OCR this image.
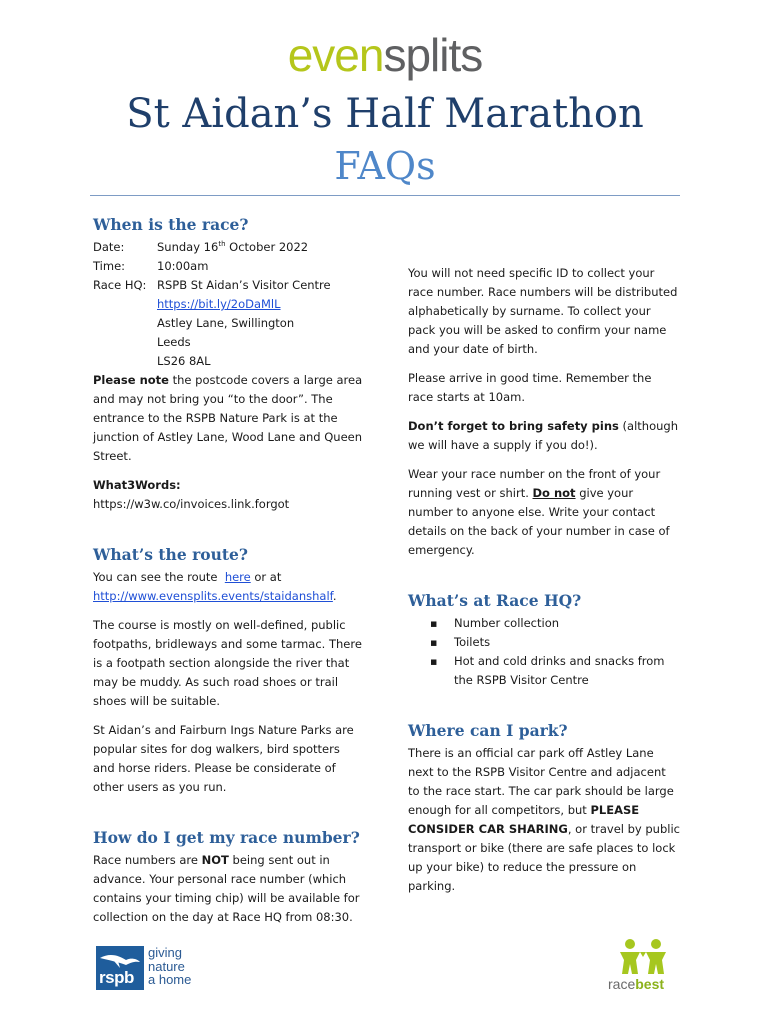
evensplits
St Aidan’s Half Marathon
FAQs
When is the race?
Date:	Sunday 16th October 2022
Time:	10:00am
Race HQ: RSPB St Aidan’s Visitor Centre
https://bit.ly/2oDaMlL
Astley Lane, Swillington
Leeds
LS26 8AL

Please note the postcode covers a large area and may not bring you “to the door”. The entrance to the RSPB Nature Park is at the junction of Astley Lane, Wood Lane and Queen Street.

What3Words:
https://w3w.co/invoices.link.forgot

What’s the route?

You can see the route  here or at http://www.evensplits.events/staidanshalf.

The course is mostly on well-defined, public footpaths, bridleways and some tarmac. There is a footpath section alongside the river that may be muddy. As such road shoes or trail shoes will be suitable.

St Aidan’s and Fairburn Ings Nature Parks are popular sites for dog walkers, bird spotters and horse riders. Please be considerate of other users as you run.

How do I get my race number?

Race numbers are NOT being sent out in advance. Your personal race number (which contains your timing chip) will be available for collection on the day at Race HQ from 08:30.

You will not need specific ID to collect your race number. Race numbers will be distributed alphabetically by surname. To collect your pack you will be asked to confirm your name and your date of birth.

Please arrive in good time. Remember the race starts at 10am.

Don’t forget to bring safety pins (although we will have a supply if you do!).

Wear your race number on the front of your running vest or shirt. Do not give your number to anyone else. Write your contact details on the back of your number in case of emergency.

What’s at Race HQ?
▪ Number collection
▪ Toilets
▪ Hot and cold drinks and snacks from the RSPB Visitor Centre
Where can I park?

There is an official car park off Astley Lane next to the RSPB Visitor Centre and adjacent to the race start. The car park should be large enough for all competitors, but PLEASE CONSIDER CAR SHARING, or travel by public transport or bike (there are safe places to lock up your bike) to reduce the pressure on parking.

rspb
giving
nature
a home	racebest
